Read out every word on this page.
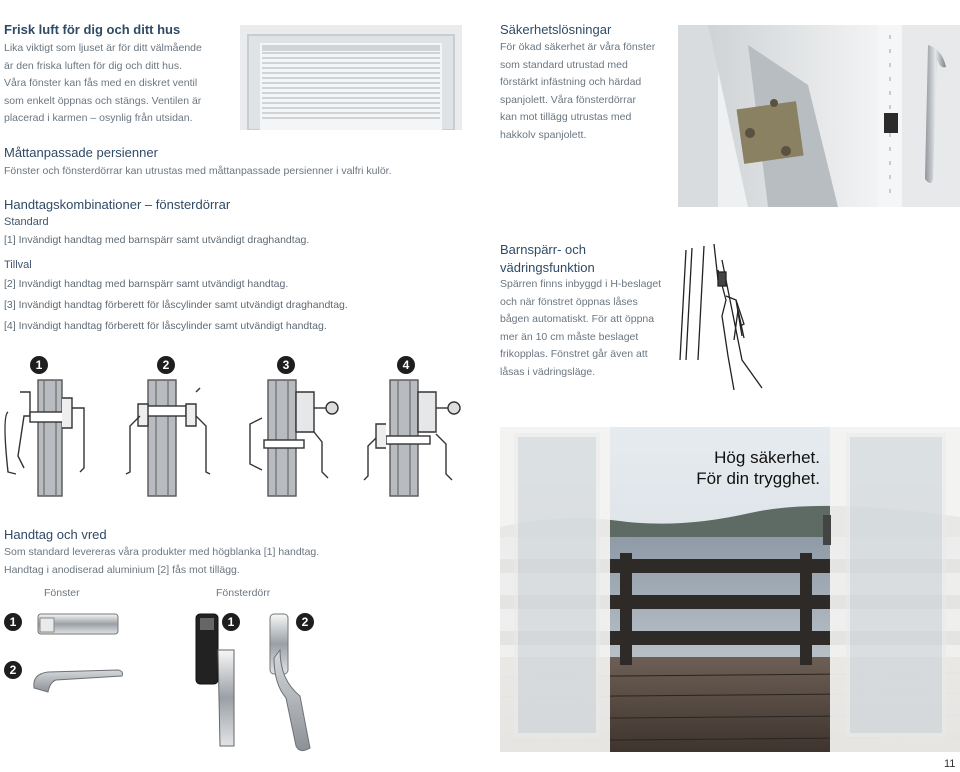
Frisk luft för dig och ditt hus
Lika viktigt som ljuset är för ditt välmående
är den friska luften för dig och ditt hus.
Våra fönster kan fås med en diskret ventil
som enkelt öppnas och stängs. Ventilen är
placerad i karmen – osynlig från utsidan.
Måttanpassade persienner
Fönster och fönsterdörrar kan utrustas med måttanpassade persienner i valfri kulör.
Säkerhetslösningar
För ökad säkerhet är våra fönster
som standard utrustad med
förstärkt infästning och härdad
spanjolett. Våra fönsterdörrar
kan mot tillägg utrustas med
hakkolv spanjolett.
Handtagskombinationer – fönsterdörrar
Standard
[1] Invändigt handtag med barnspärr samt utvändigt draghandtag.
Tillval
[2] Invändigt handtag med barnspärr samt utvändigt handtag.
[3] Invändigt handtag förberett för låscylinder samt utvändigt draghandtag.
[4] Invändigt handtag förberett för låscylinder samt utvändigt handtag.
1	2	3	4
Barnspärr- och
vädringsfunktion
Spärren finns inbyggd i H-beslaget
och när fönstret öppnas låses
bågen automatiskt. För att öppna
mer än 10 cm måste beslaget
frikopplas. Fönstret går även att
låsas i vädringsläge.
Handtag och vred
Som standard levereras våra produkter med högblanka [1] handtag.
Handtag i anodiserad aluminium [2] fås mot tillägg.
Fönster	Fönsterdörr
1
2
1	2
Hög säkerhet.
För din trygghet.
11
